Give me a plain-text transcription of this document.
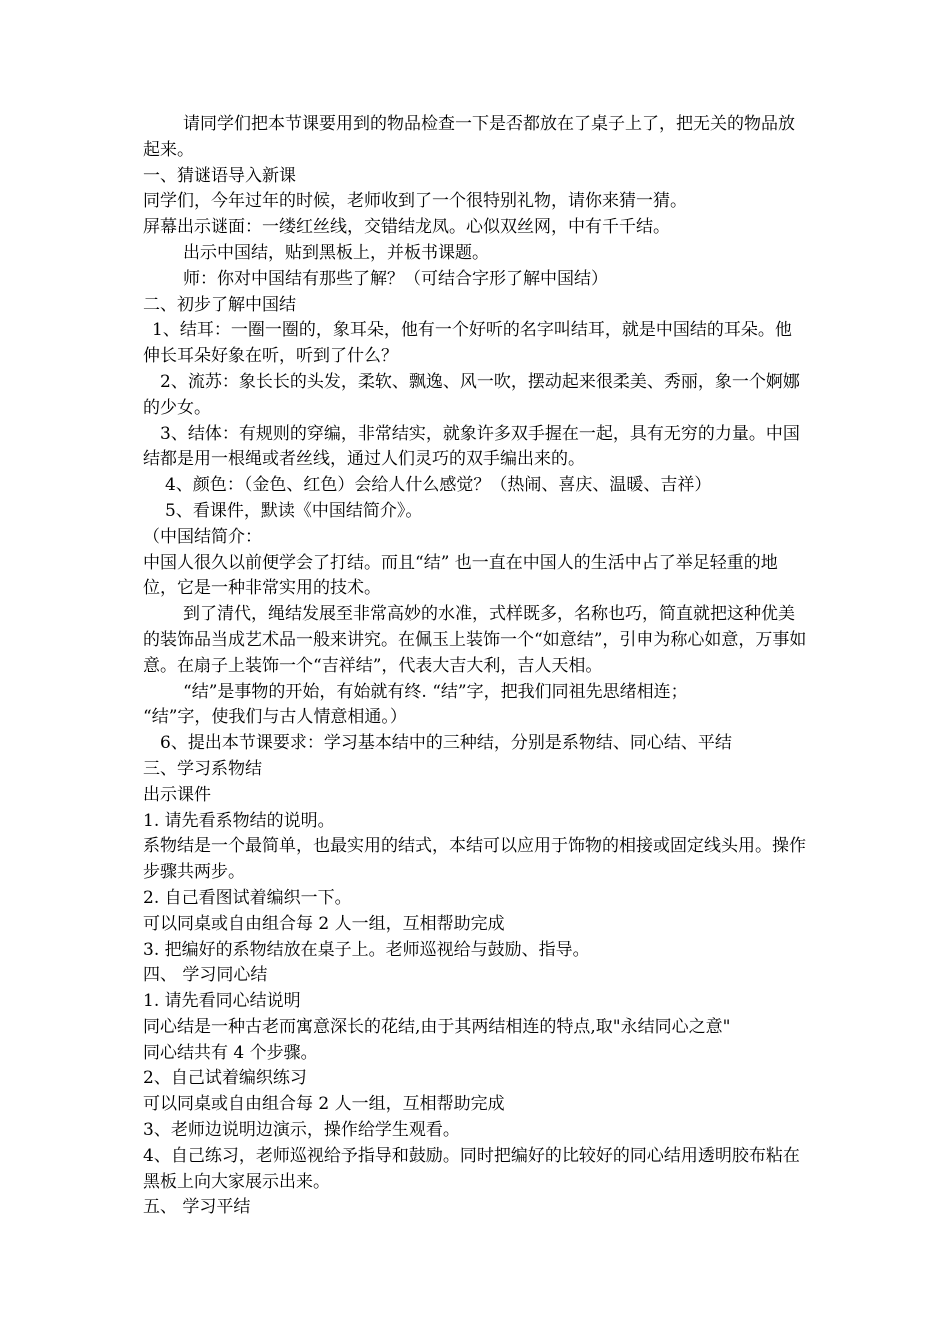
请同学们把本节课要用到的物品检查一下是否都放在了桌子上了，把无关的物品放起来。
一、猜谜语导入新课
同学们，今年过年的时候，老师收到了一个很特别礼物，请你来猜一猜。
屏幕出示谜面：一缕红丝线，交错结龙凤。心似双丝网，中有千千结。
出示中国结，贴到黑板上，并板书课题。
师：你对中国结有那些了解？（可结合字形了解中国结）
二、初步了解中国结
1、结耳：一圈一圈的，象耳朵，他有一个好听的名字叫结耳，就是中国结的耳朵。他伸长耳朵好象在听，听到了什么？
2、流苏：象长长的头发，柔软、飘逸、风一吹，摆动起来很柔美、秀丽，象一个婀娜的少女。
3、结体：有规则的穿编，非常结实，就象许多双手握在一起，具有无穷的力量。中国结都是用一根绳或者丝线，通过人们灵巧的双手编出来的。
4、颜色：（金色、红色）会给人什么感觉？（热闹、喜庆、温暖、吉祥）
5、看课件，默读《中国结简介》。
（中国结简介：
中国人很久以前便学会了打结。而且“结” 也一直在中国人的生活中占了举足轻重的地位，它是一种非常实用的技术。
到了清代，绳结发展至非常高妙的水准，式样既多，名称也巧，简直就把这种优美的装饰品当成艺术品一般来讲究。在佩玉上装饰一个“如意结”，引申为称心如意，万事如意。在扇子上装饰一个“吉祥结”，代表大吉大利，吉人天相。
“结”是事物的开始，有始就有终. “结”字，把我们同祖先思绪相连；
“结”字，使我们与古人情意相通。）
6、提出本节课要求：学习基本结中的三种结，分别是系物结、同心结、平结
三、学习系物结
出示课件
1. 请先看系物结的说明。
系物结是一个最简单，也最实用的结式，本结可以应用于饰物的相接或固定线头用。操作步骤共两步。
2. 自己看图试着编织一下。
可以同桌或自由组合每 2 人一组，互相帮助完成
3. 把编好的系物结放在桌子上。老师巡视给与鼓励、指导。
四、 学习同心结
1. 请先看同心结说明
同心结是一种古老而寓意深长的花结,由于其两结相连的特点,取"永结同心之意"
同心结共有 4 个步骤。
2、自己试着编织练习
可以同桌或自由组合每 2 人一组，互相帮助完成
3、老师边说明边演示，操作给学生观看。
4、自己练习，老师巡视给予指导和鼓励。同时把编好的比较好的同心结用透明胶布粘在黑板上向大家展示出来。
五、 学习平结
